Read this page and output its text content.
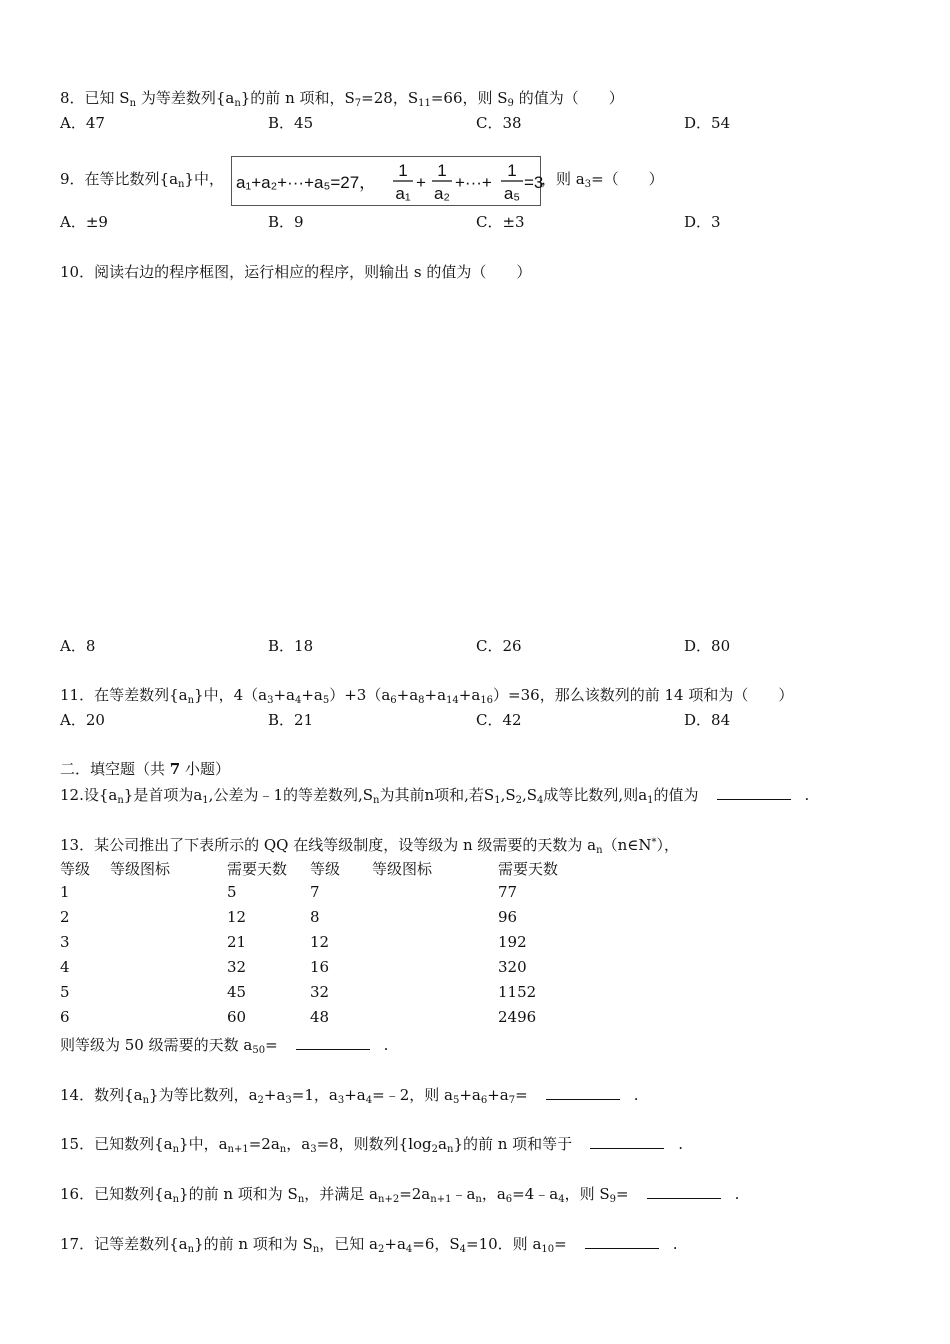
8．已知 $S_n$ 为等差数列$\{a_n\}$的前 n 项和，$S_7=28$，$S_{11}=66$，则 $S_9$ 的值为（　　）
A．47	B．45	C．38	D．54
9．在等比数列$\{a_n\}$中， a₁+a₂+···+a₅=27，
1
a₁
+
1
a₂
+···+
1
a₅
=3
，则 $a_3=$（　　）
A．±9	B．9	C．±3	D．3
10．阅读右边的程序框图，运行相应的程序，则输出 s 的值为（　　）
A．8	B．18	C．26	D．80
11．在等差数列$\{a_n\}$中，$4(a_3+a_4+a_5)+3(a_6+a_8+a_{14}+a_{16})=36$，那么该数列的前 14 项和为（　　）
A．20	B．21	C．42	D．84
二．填空题（共 7 小题）
12.设$\{a_n\}$是首项为$a_1$,公差为﹣1的等差数列$,S_n$为其前n项和,若$S_1,S_2,S_4$成等比数列,则$a_1$的值为	.
13．某公司推出了下表所示的 QQ 在线等级制度，设等级为 n 级需要的天数为 $a_n(n\in N^*)$，
等级 等级图标	需要天数 等级 等级图标	需要天数
1	5	7	77
2	12	8	96
3	21	12	192
4	32	16	320
5	45	32	1152
6	60	48	2496
则等级为 50 级需要的天数 $a_{50}=$	.
14．数列$\{a_n\}$为等比数列，$a_2+a_3=1$，$a_3+a_4=﹣2$，则 $a_5+a_6+a_7=$	.
15．已知数列$\{a_n\}$中，$a_{n+1}=2a_n$，$a_3=8$，则数列$\{\log_2a_n\}$的前 n 项和等于	.
16．已知数列$\{a_n\}$的前 n 项和为 $S_n$，并满足 $a_{n+2}=2a_{n+1}﹣a_n$，$a_6=4﹣a_4$，则 $S_9=$	.
17．记等差数列$\{a_n\}$的前 n 项和为 $S_n$，已知 $a_2+a_4=6$，$S_4=10$．则 $a_{10}=$	.
